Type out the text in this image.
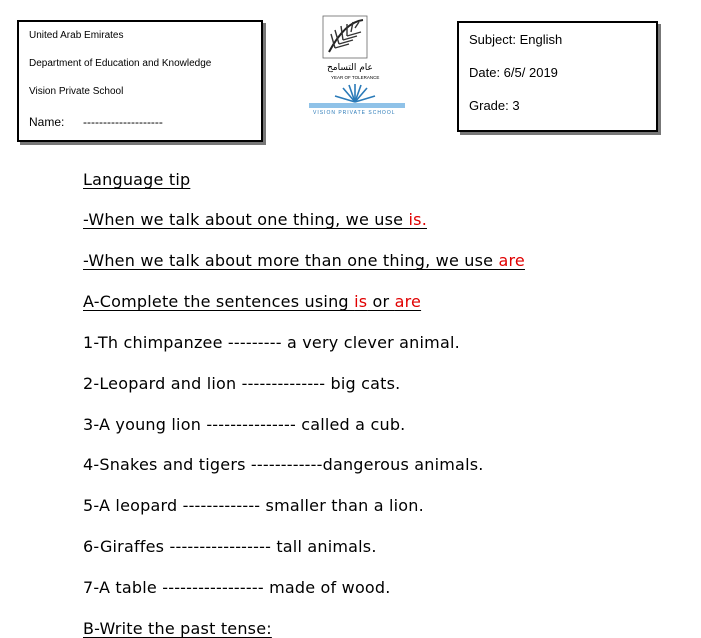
United Arab Emirates
Department of Education and Knowledge
Vision Private School
Name: --------------------
عام التسامح
YEAR OF TOLERANCE
VISION PRIVATE SCHOOL
Subject: English
Date: 6/5/ 2019
Grade: 3
Language tip
-When we talk about one thing, we use is.
-When we talk about more than one thing, we use are
A-Complete the sentences using is or are
1-Th chimpanzee --------- a very clever animal.
2-Leopard and lion -------------- big cats.
3-A young lion --------------- called a cub.
4-Snakes and tigers ------------dangerous animals.
5-A leopard ------------- smaller than a lion.
6-Giraffes ----------------- tall animals.
7-A table ----------------- made of wood.
B-Write the past tense:
